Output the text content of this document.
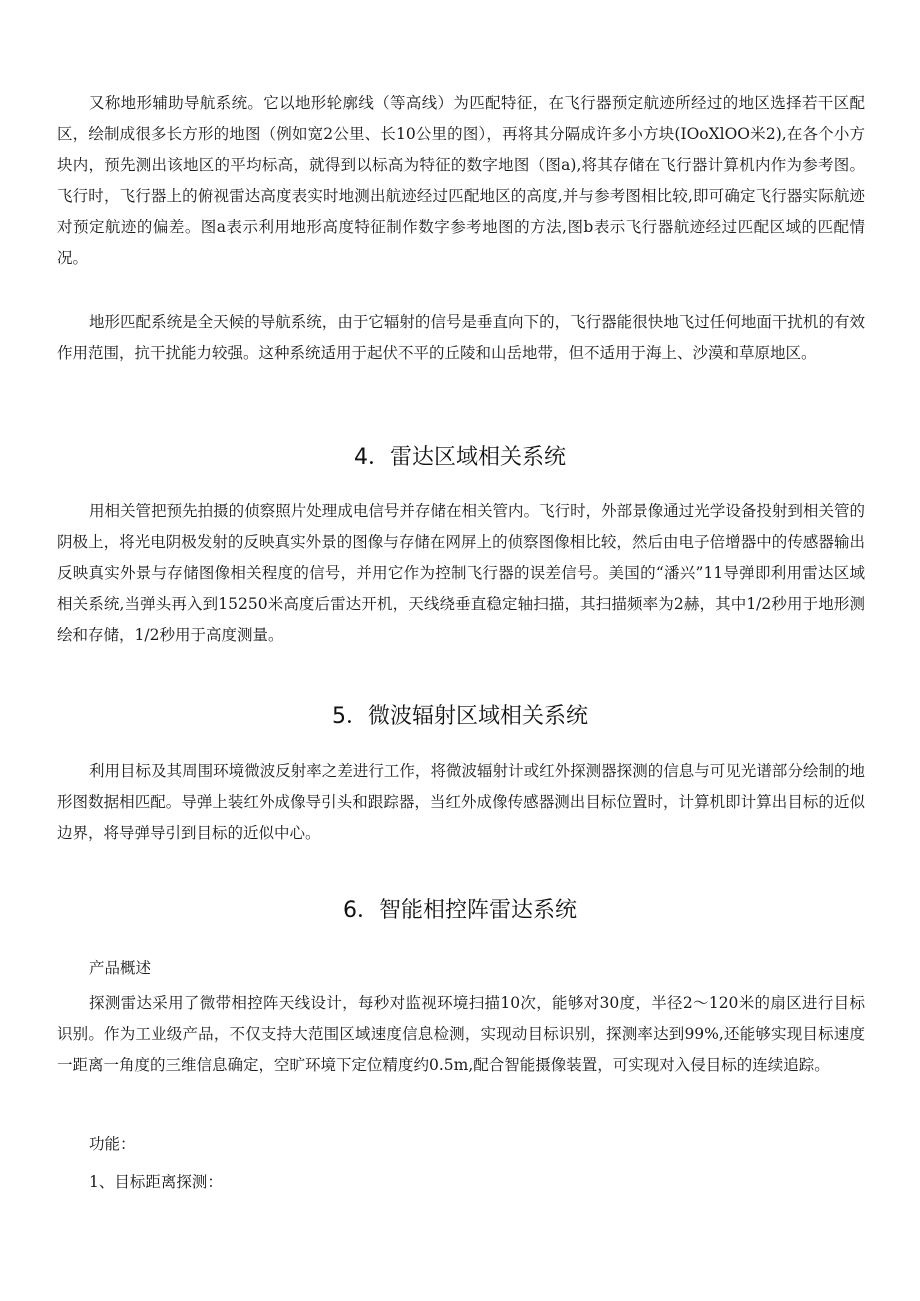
又称地形辅助导航系统。它以地形轮廓线（等高线）为匹配特征，在飞行器预定航迹所经过的地区选择若干区配区，绘制成很多长方形的地图（例如宽2公里、长10公里的图），再将其分隔成许多小方块(IOoXlOO米2),在各个小方块内，预先测出该地区的平均标高，就得到以标高为特征的数字地图（图a),将其存储在飞行器计算机内作为参考图。飞行时，飞行器上的俯视雷达高度表实时地测出航迹经过匹配地区的高度,并与参考图相比较,即可确定飞行器实际航迹对预定航迹的偏差。图a表示利用地形高度特征制作数字参考地图的方法,图b表示飞行器航迹经过匹配区域的匹配情况。

地形匹配系统是全天候的导航系统，由于它辐射的信号是垂直向下的，飞行器能很快地飞过任何地面干扰机的有效作用范围，抗干扰能力较强。这种系统适用于起伏不平的丘陵和山岳地带，但不适用于海上、沙漠和草原地区。

4．雷达区域相关系统

用相关管把预先拍摄的侦察照片处理成电信号并存储在相关管内。飞行时，外部景像通过光学设备投射到相关管的阴极上，将光电阴极发射的反映真实外景的图像与存储在网屏上的侦察图像相比较，然后由电子倍增器中的传感器输出反映真实外景与存储图像相关程度的信号，并用它作为控制飞行器的误差信号。美国的“潘兴”11导弹即利用雷达区域相关系统,当弹头再入到15250米高度后雷达开机，天线绕垂直稳定轴扫描，其扫描频率为2赫，其中1/2秒用于地形测绘和存储，1/2秒用于高度测量。

5．微波辐射区域相关系统

利用目标及其周围环境微波反射率之差进行工作，将微波辐射计或红外探测器探测的信息与可见光谱部分绘制的地形图数据相匹配。导弹上装红外成像导引头和跟踪器，当红外成像传感器测出目标位置时，计算机即计算出目标的近似边界，将导弹导引到目标的近似中心。

6．智能相控阵雷达系统

产品概述

探测雷达采用了微带相控阵天线设计，每秒对监视环境扫描10次，能够对30度，半径2〜120米的扇区进行目标识别。作为工业级产品，不仅支持大范围区域速度信息检测，实现动目标识别，探测率达到99%,还能够实现目标速度一距离一角度的三维信息确定，空旷环境下定位精度约0.5m,配合智能摄像装置，可实现对入侵目标的连续追踪。

功能：

1、目标距离探测：
